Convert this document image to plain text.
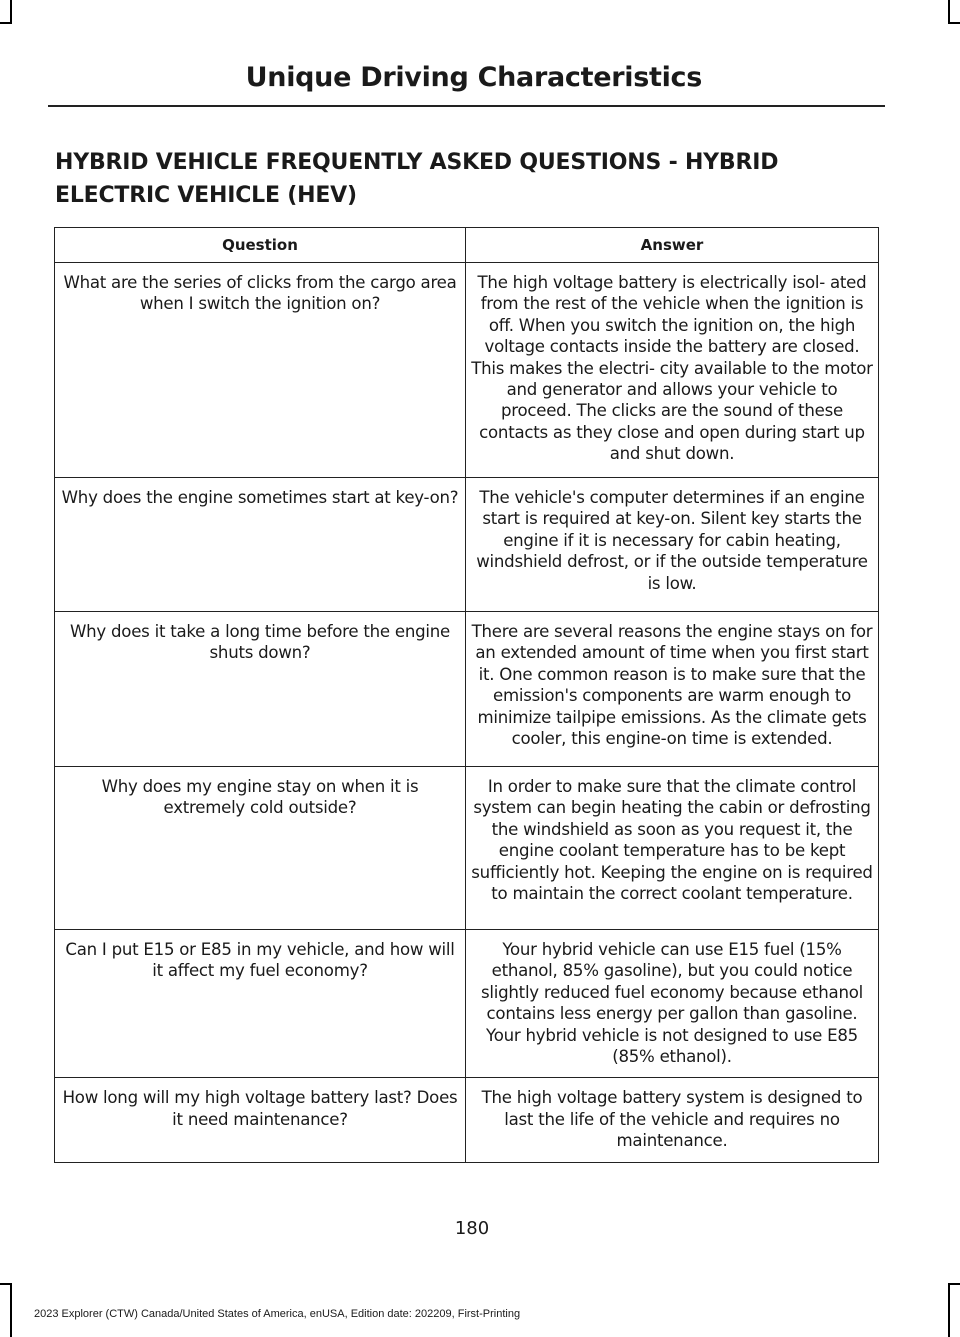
Unique Driving Characteristics
HYBRID VEHICLE FREQUENTLY ASKED QUESTIONS - HYBRID ELECTRIC VEHICLE (HEV)
Question	Answer
What are the series of clicks from the cargo area when I switch the ignition on?	The high voltage battery is electrically isol- ated from the rest of the vehicle when the ignition is off. When you switch the ignition on, the high voltage contacts inside the battery are closed. This makes the electri- city available to the motor and generator and allows your vehicle to proceed. The clicks are the sound of these contacts as they close and open during start up and shut down.
Why does the engine sometimes start at key-on?	The vehicle's computer determines if an engine start is required at key-on. Silent key starts the engine if it is necessary for cabin heating, windshield defrost, or if the outside temperature is low.
Why does it take a long time before the engine shuts down?	There are several reasons the engine stays on for an extended amount of time when you first start it. One common reason is to make sure that the emission's components are warm enough to minimize tailpipe emissions. As the climate gets cooler, this engine-on time is extended.
Why does my engine stay on when it is extremely cold outside?	In order to make sure that the climate control system can begin heating the cabin or defrosting the windshield as soon as you request it, the engine coolant temperature has to be kept sufficiently hot. Keeping the engine on is required to maintain the correct coolant temperature.
Can I put E15 or E85 in my vehicle, and how will it affect my fuel economy?	Your hybrid vehicle can use E15 fuel (15% ethanol, 85% gasoline), but you could notice slightly reduced fuel economy because ethanol contains less energy per gallon than gasoline. Your hybrid vehicle is not designed to use E85 (85% ethanol).
How long will my high voltage battery last? Does it need maintenance?	The high voltage battery system is designed to last the life of the vehicle and requires no maintenance.
180
2023 Explorer (CTW) Canada/United States of America, enUSA, Edition date: 202209, First-Printing
